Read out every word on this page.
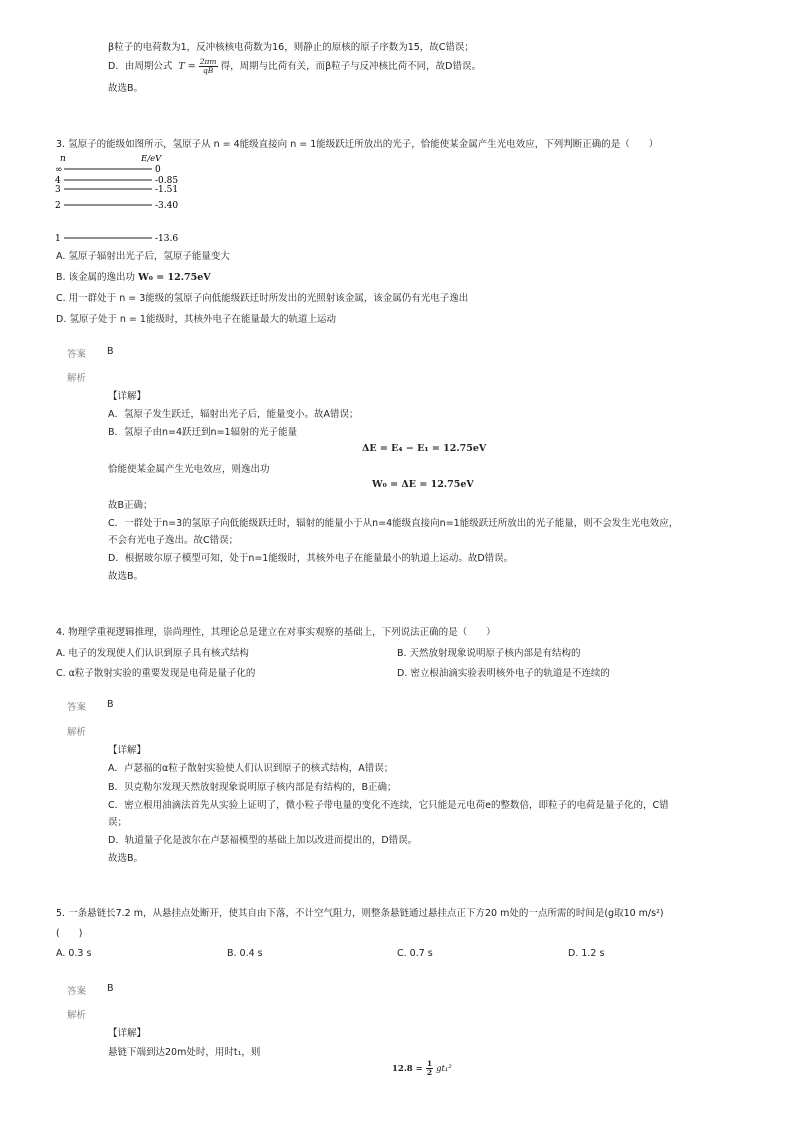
β粒子的电荷数为1，反冲核核电荷数为16，则静止的原核的原子序数为15，故C错误；
D．由周期公式 $T = \frac{2\pi m}{qB}$ 得，周期与比荷有关，而β粒子与反冲核比荷不同，故D错误。
故选B。
3. 氢原子的能级如图所示，氢原子从 n = 4能级直接向 n = 1能级跃迁所放出的光子，恰能使某金属产生光电效应，下列判断正确的是（　　）
n	E/eV
∞	0
4	-0.85
3	-1.51
2	-3.40
1	-13.6
A. 氢原子辐射出光子后，氢原子能量变大
B. 该金属的逸出功 W₀ = 12.75eV
C. 用一群处于 n = 3能级的氢原子向低能级跃迁时所发出的光照射该金属，该金属仍有光电子逸出
D. 氢原子处于 n = 1能级时，其核外电子在能量最大的轨道上运动
答案 B
解析
【详解】
A．氢原子发生跃迁，辐射出光子后，能量变小。故A错误；
B．氢原子由n=4跃迁到n=1辐射的光子能量
ΔE = E₄ − E₁ = 12.75eV
恰能使某金属产生光电效应，则逸出功
W₀ = ΔE = 12.75eV
故B正确；
C．一群处于n=3的氢原子向低能级跃迁时，辐射的能量小于从n=4能级直接向n=1能级跃迁所放出的光子能量，则不会发生光电效应，
不会有光电子逸出。故C错误；
D．根据玻尔原子模型可知，处于n=1能级时，其核外电子在能量最小的轨道上运动。故D错误。
故选B。
4. 物理学重视逻辑推理，崇尚理性，其理论总是建立在对事实观察的基础上，下列说法正确的是（　　）
A. 电子的发现使人们认识到原子具有核式结构	B. 天然放射现象说明原子核内部是有结构的
C. α粒子散射实验的重要发现是电荷是量子化的	D. 密立根油滴实验表明核外电子的轨道是不连续的
答案 B
解析
【详解】
A．卢瑟福的α粒子散射实验使人们认识到原子的核式结构，A错误；
B．贝克勒尔发现天然放射现象说明原子核内部是有结构的，B正确；
C．密立根用油滴法首先从实验上证明了，微小粒子带电量的变化不连续，它只能是元电荷e的整数倍，即粒子的电荷是量子化的，C错
误；
D．轨道量子化是波尔在卢瑟福模型的基础上加以改进而提出的，D错误。
故选B。
5. 一条悬链长7.2 m，从悬挂点处断开，使其自由下落，不计空气阻力，则整条悬链通过悬挂点正下方20 m处的一点所需的时间是(g取10 m/s²)
(　　)
A. 0.3 s	B. 0.4 s	C. 0.7 s	D. 1.2 s
答案 B
解析
【详解】
悬链下端到达20m处时，用时t₁，则
$12.8 = \frac{1}{2} gt_1^2$
